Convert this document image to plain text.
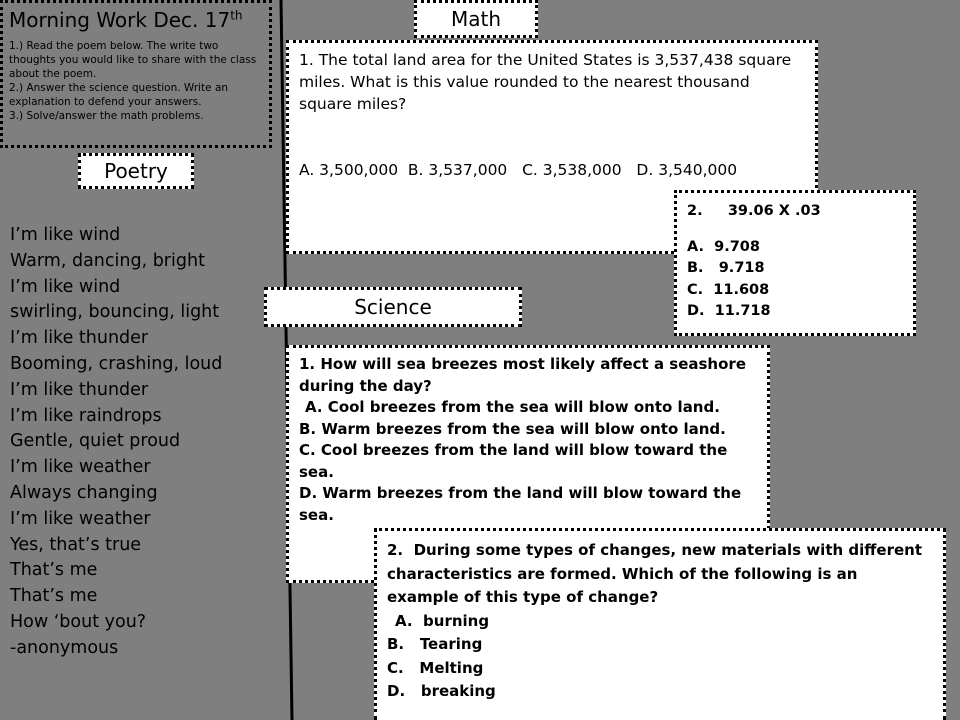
Morning Work Dec. 17th
1.) Read the poem below. The write two thoughts you would like to share with the class about the poem.
2.) Answer the science question. Write an explanation to defend your answers.
3.) Solve/answer the math problems.
Poetry
I’m like wind
Warm, dancing, bright
I’m like wind
swirling, bouncing, light
I’m like thunder
Booming, crashing, loud
I’m like thunder
I’m like raindrops
Gentle, quiet proud
I’m like weather
Always changing
I’m like weather
Yes, that’s true
That’s me
That’s me
How ‘bout you?
-anonymous
Math
1. The total land area for the United States is 3,537,438 square miles. What is this value rounded to the nearest thousand square miles?
A. 3,500,000  B. 3,537,000   C. 3,538,000   D. 3,540,000
2.     39.06 X .03
A. 9.708
B.   9.718
C. 11.608
D. 11.718
Science
1. How will sea breezes most likely affect a seashore during the day?
A. Cool breezes from the sea will blow onto land.
B. Warm breezes from the sea will blow onto land.
C. Cool breezes from the land will blow toward the sea.
D. Warm breezes from the land will blow toward the sea.
2.  During some types of changes, new materials with different characteristics are formed. Which of the following is an example of this type of change?
A. burning
B. Tearing
C. Melting
D. breaking
